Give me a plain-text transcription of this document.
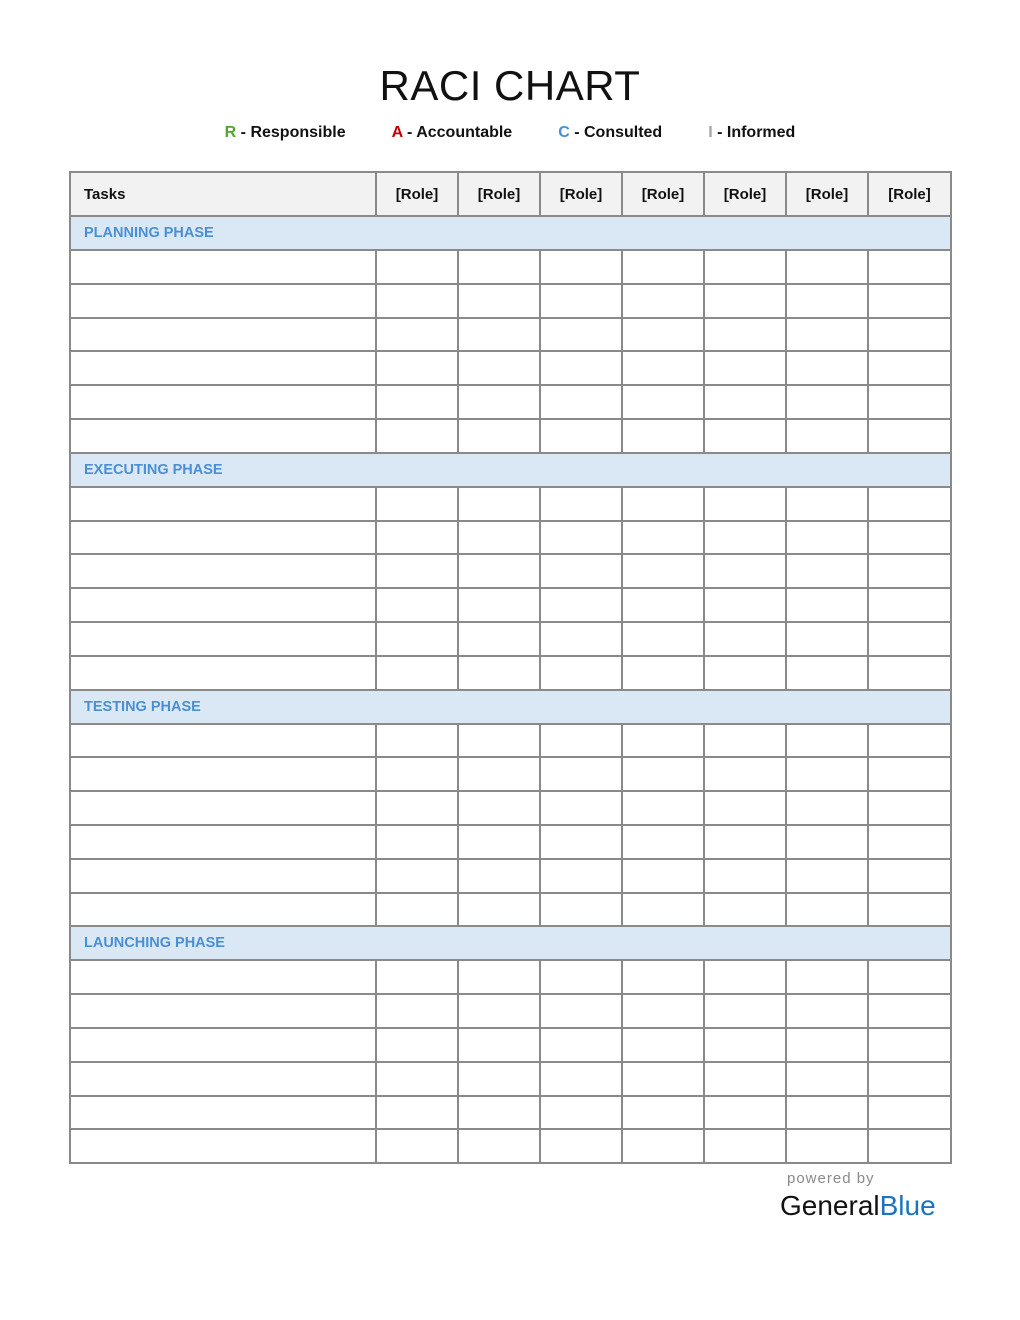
RACI CHART
R - Responsible	A - Accountable	C - Consulted	I - Informed
Tasks	[Role]	[Role]	[Role]	[Role]	[Role]	[Role]	[Role]
PLANNING PHASE							

EXECUTING PHASE							

TESTING PHASE							

LAUNCHING PHASE							

powered by
GeneralBlue
